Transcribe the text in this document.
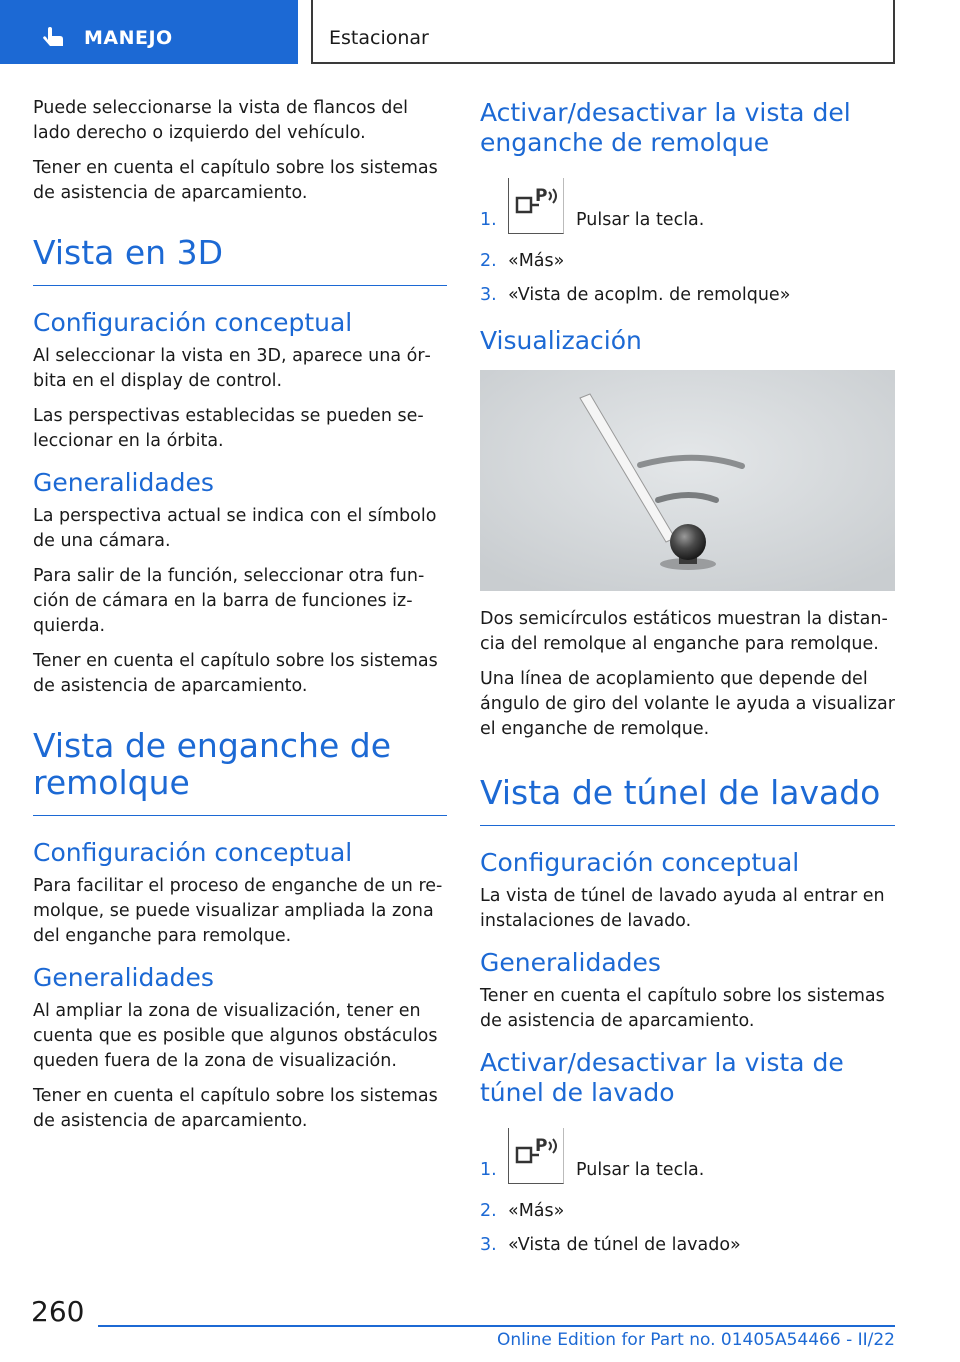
MANEJO	Estacionar

Puede seleccionarse la vista de flancos del lado derecho o izquierdo del vehículo.

Tener en cuenta el capítulo sobre los sistemas de asistencia de aparcamiento.

Vista en 3D
Configuración conceptual

Al seleccionar la vista en 3D, aparece una órbita en el display de control.

Las perspectivas establecidas se pueden seleccionar en la órbita.

Generalidades

La perspectiva actual se indica con el símbolo de una cámara.

Para salir de la función, seleccionar otra función de cámara en la barra de funciones izquierda.

Tener en cuenta el capítulo sobre los sistemas de asistencia de aparcamiento.

Vista de enganche de remolque
Configuración conceptual

Para facilitar el proceso de enganche de un remolque, se puede visualizar ampliada la zona del enganche para remolque.

Generalidades

Al ampliar la zona de visualización, tener en cuenta que es posible que algunos obstáculos queden fuera de la zona de visualización.

Tener en cuenta el capítulo sobre los sistemas de asistencia de aparcamiento.

Activar/desactivar la vista del enganche de remolque
1.
P
Pulsar la tecla.
2. «Más»
3. «Vista de acoplm. de remolque»
Visualización

Dos semicírculos estáticos muestran la distancia del remolque al enganche para remolque.

Una línea de acoplamiento que depende del ángulo de giro del volante le ayuda a visualizar el enganche de remolque.

Vista de túnel de lavado
Configuración conceptual

La vista de túnel de lavado ayuda al entrar en instalaciones de lavado.

Generalidades

Tener en cuenta el capítulo sobre los sistemas de asistencia de aparcamiento.

Activar/desactivar la vista de túnel de lavado
1.
P
Pulsar la tecla.
2. «Más»
3. «Vista de túnel de lavado»
260
Online Edition for Part no. 01405A54466 - II/22
